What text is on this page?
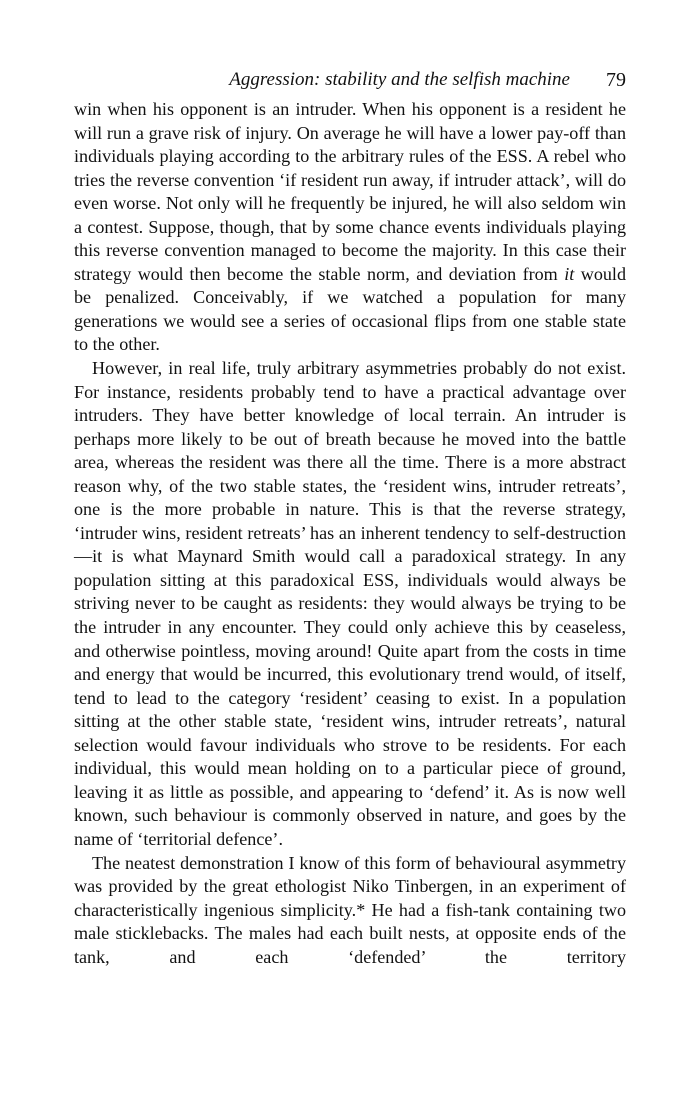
Aggression: stability and the selfish machine 79

win when his opponent is an intruder. When his opponent is a resident he will run a grave risk of injury. On average he will have a lower pay-off than individuals playing according to the arbitrary rules of the ESS. A rebel who tries the reverse convention ‘if resident run away, if intruder attack’, will do even worse. Not only will he frequently be injured, he will also seldom win a contest. Suppose, though, that by some chance events individuals playing this reverse convention managed to become the majority. In this case their strategy would then become the stable norm, and deviation from it would be penalized. Conceivably, if we watched a population for many generations we would see a series of occasional flips from one stable state to the other.

However, in real life, truly arbitrary asymmetries probably do not exist. For instance, residents probably tend to have a practical advantage over intruders. They have better knowledge of local terrain. An intruder is perhaps more likely to be out of breath because he moved into the battle area, whereas the resident was there all the time. There is a more abstract reason why, of the two stable states, the ‘resident wins, intruder retreats’, one is the more probable in nature. This is that the reverse strategy, ‘intruder wins, resident retreats’ has an inherent tendency to self-destruction—it is what Maynard Smith would call a paradoxical strategy. In any population sitting at this paradoxical ESS, individuals would always be striving never to be caught as residents: they would always be trying to be the intruder in any encounter. They could only achieve this by ceaseless, and otherwise pointless, moving around! Quite apart from the costs in time and energy that would be incurred, this evolutionary trend would, of itself, tend to lead to the category ‘resident’ ceasing to exist. In a population sitting at the other stable state, ‘resident wins, intruder retreats’, natural selection would favour individuals who strove to be residents. For each individual, this would mean holding on to a particular piece of ground, leaving it as little as possible, and appearing to ‘defend’ it. As is now well known, such behaviour is commonly observed in nature, and goes by the name of ‘territorial defence’.

The neatest demonstration I know of this form of behavioural asymmetry was provided by the great ethologist Niko Tinbergen, in an experiment of characteristically ingenious simplicity.* He had a fish-tank containing two male sticklebacks. The males had each built nests, at opposite ends of the tank, and each ‘defended’ the territory
